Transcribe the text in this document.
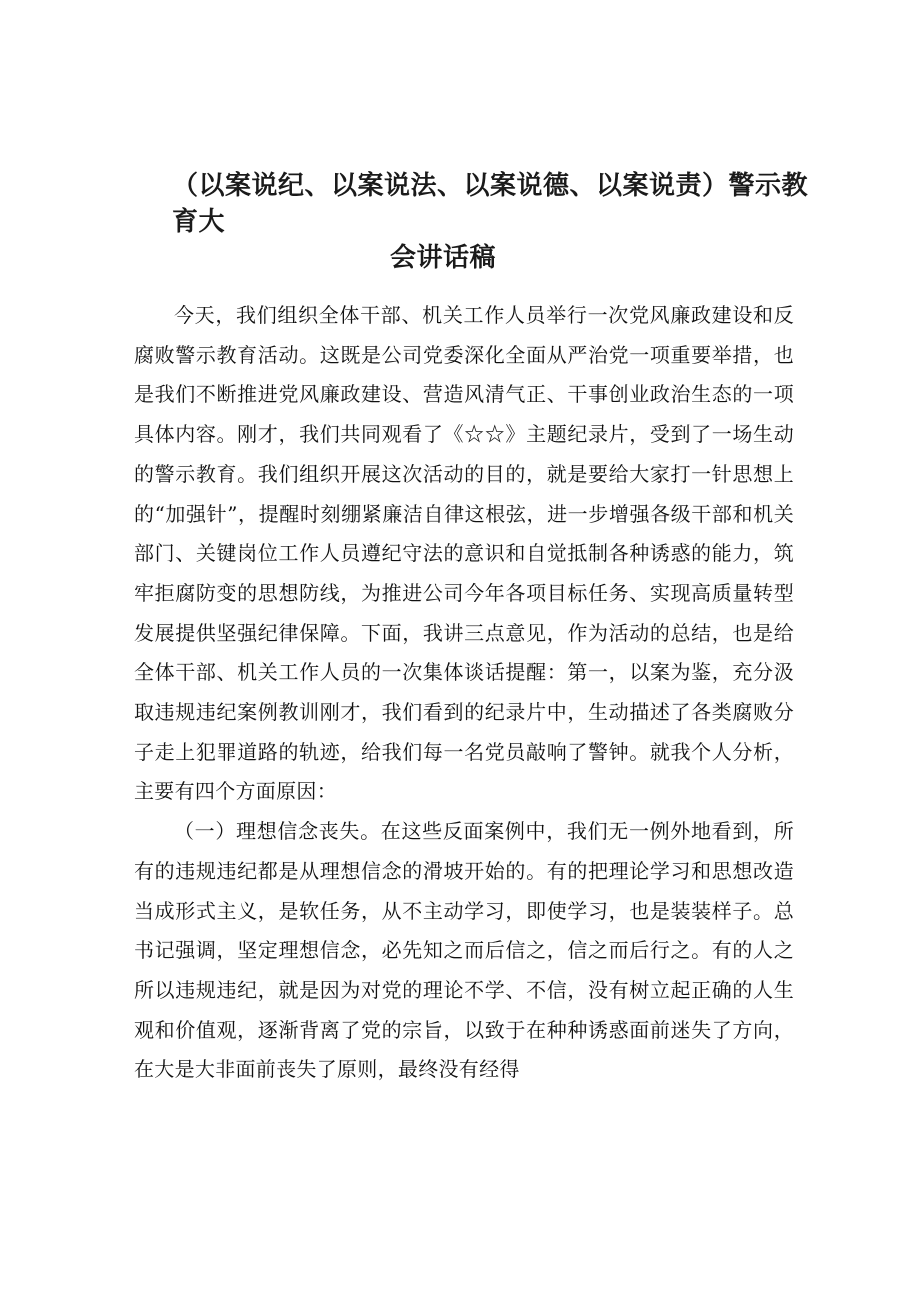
（以案说纪、以案说法、以案说德、以案说责）警示教育大
会讲话稿

今天，我们组织全体干部、机关工作人员举行一次党风廉政建设和反腐败警示教育活动。这既是公司党委深化全面从严治党一项重要举措，也是我们不断推进党风廉政建设、营造风清气正、干事创业政治生态的一项具体内容。刚才，我们共同观看了《☆☆》主题纪录片，受到了一场生动的警示教育。我们组织开展这次活动的目的，就是要给大家打一针思想上的“加强针”，提醒时刻绷紧廉洁自律这根弦，进一步增强各级干部和机关部门、关键岗位工作人员遵纪守法的意识和自觉抵制各种诱惑的能力，筑牢拒腐防变的思想防线，为推进公司今年各项目标任务、实现高质量转型发展提供坚强纪律保障。下面，我讲三点意见，作为活动的总结，也是给全体干部、机关工作人员的一次集体谈话提醒：第一，以案为鉴，充分汲取违规违纪案例教训刚才，我们看到的纪录片中，生动描述了各类腐败分子走上犯罪道路的轨迹，给我们每一名党员敲响了警钟。就我个人分析，主要有四个方面原因：

（一）理想信念丧失。在这些反面案例中，我们无一例外地看到，所有的违规违纪都是从理想信念的滑坡开始的。有的把理论学习和思想改造当成形式主义，是软任务，从不主动学习，即使学习，也是装装样子。总书记强调，坚定理想信念，必先知之而后信之，信之而后行之。有的人之所以违规违纪，就是因为对党的理论不学、不信，没有树立起正确的人生观和价值观，逐渐背离了党的宗旨，以致于在种种诱惑面前迷失了方向，在大是大非面前丧失了原则，最终没有经得
